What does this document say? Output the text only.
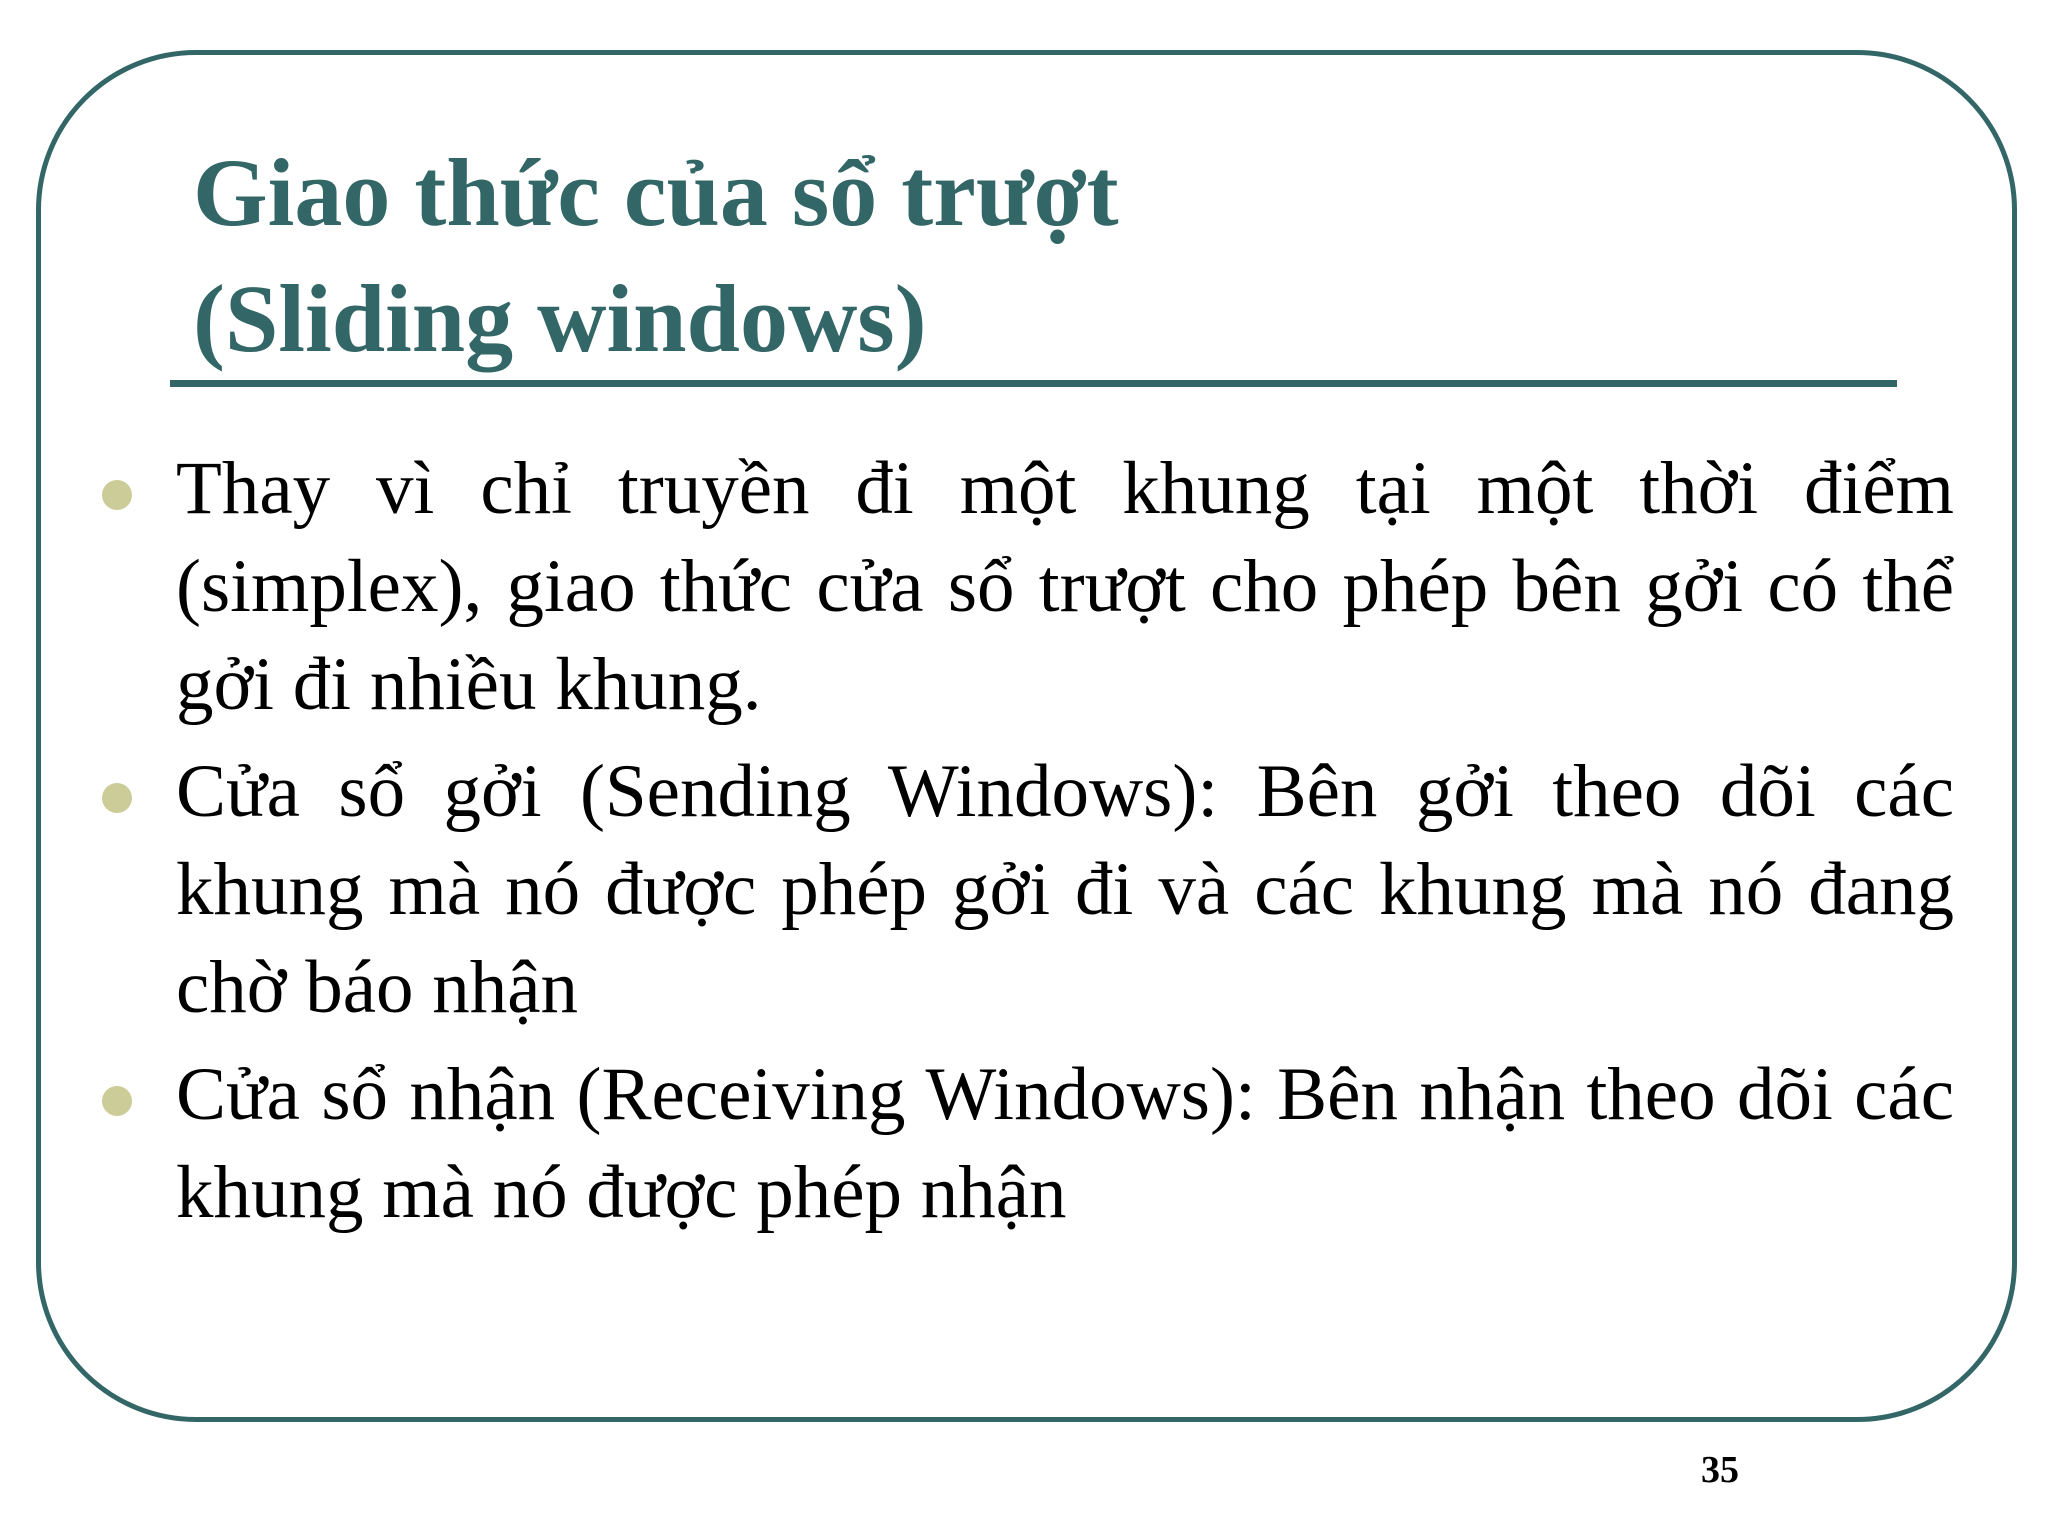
Giao thức của sổ trượt
(Sliding windows)
Thay vì chỉ truyền đi một khung tại một thời điểm (simplex), giao thức cửa sổ trượt cho phép bên gởi có thể gởi đi nhiều khung.
Cửa sổ gởi (Sending Windows): Bên gởi theo dõi các khung mà nó được phép gởi đi và các khung mà nó đang chờ báo nhận
Cửa sổ nhận (Receiving Windows): Bên nhận theo dõi các khung mà nó được phép nhận
35
